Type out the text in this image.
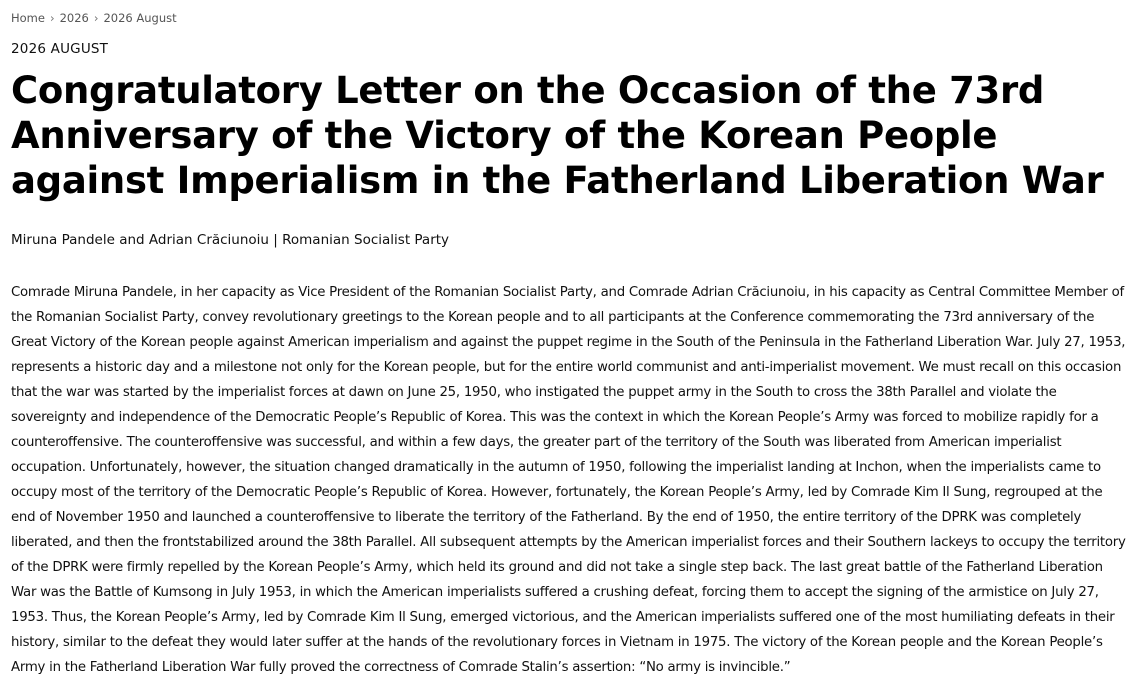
Home › 2026 › 2026 August
2026 AUGUST
Congratulatory Letter on the Occasion of the 73rd Anniversary of the Victory of the Korean People against Imperialism in the Fatherland Liberation War
Miruna Pandele and Adrian Crăciunoiu | Romanian Socialist Party

Comrade Miruna Pandele, in her capacity as Vice President of the Romanian Socialist Party, and Comrade Adrian Crăciunoiu, in his capacity as Central Committee Member of the Romanian Socialist Party, convey revolutionary greetings to the Korean people and to all participants at the Conference commemorating the 73rd anniversary of the Great Victory of the Korean people against American imperialism and against the puppet regime in the South of the Peninsula in the Fatherland Liberation War. July 27, 1953, represents a historic day and a milestone not only for the Korean people, but for the entire world communist and anti-imperialist movement. We must recall on this occasion that the war was started by the imperialist forces at dawn on June 25, 1950, who instigated the puppet army in the South to cross the 38th Parallel and violate the sovereignty and independence of the Democratic People’s Republic of Korea. This was the context in which the Korean People’s Army was forced to mobilize rapidly for a counteroffensive. The counteroffensive was successful, and within a few days, the greater part of the territory of the South was liberated from American imperialist occupation. Unfortunately, however, the situation changed dramatically in the autumn of 1950, following the imperialist landing at Inchon, when the imperialists came to occupy most of the territory of the Democratic People’s Republic of Korea. However, fortunately, the Korean People’s Army, led by Comrade Kim Il Sung, regrouped at the end of November 1950 and launched a counteroffensive to liberate the territory of the Fatherland. By the end of 1950, the entire territory of the DPRK was completely liberated, and then the frontstabilized around the 38th Parallel. All subsequent attempts by the American imperialist forces and their Southern lackeys to occupy the territory of the DPRK were firmly repelled by the Korean People’s Army, which held its ground and did not take a single step back. The last great battle of the Fatherland Liberation War was the Battle of Kumsong in July 1953, in which the American imperialists suffered a crushing defeat, forcing them to accept the signing of the armistice on July 27, 1953. Thus, the Korean People’s Army, led by Comrade Kim Il Sung, emerged victorious, and the American imperialists suffered one of the most humiliating defeats in their history, similar to the defeat they would later suffer at the hands of the revolutionary forces in Vietnam in 1975. The victory of the Korean people and the Korean People’s Army in the Fatherland Liberation War fully proved the correctness of Comrade Stalin’s assertion: “No army is invincible.”
